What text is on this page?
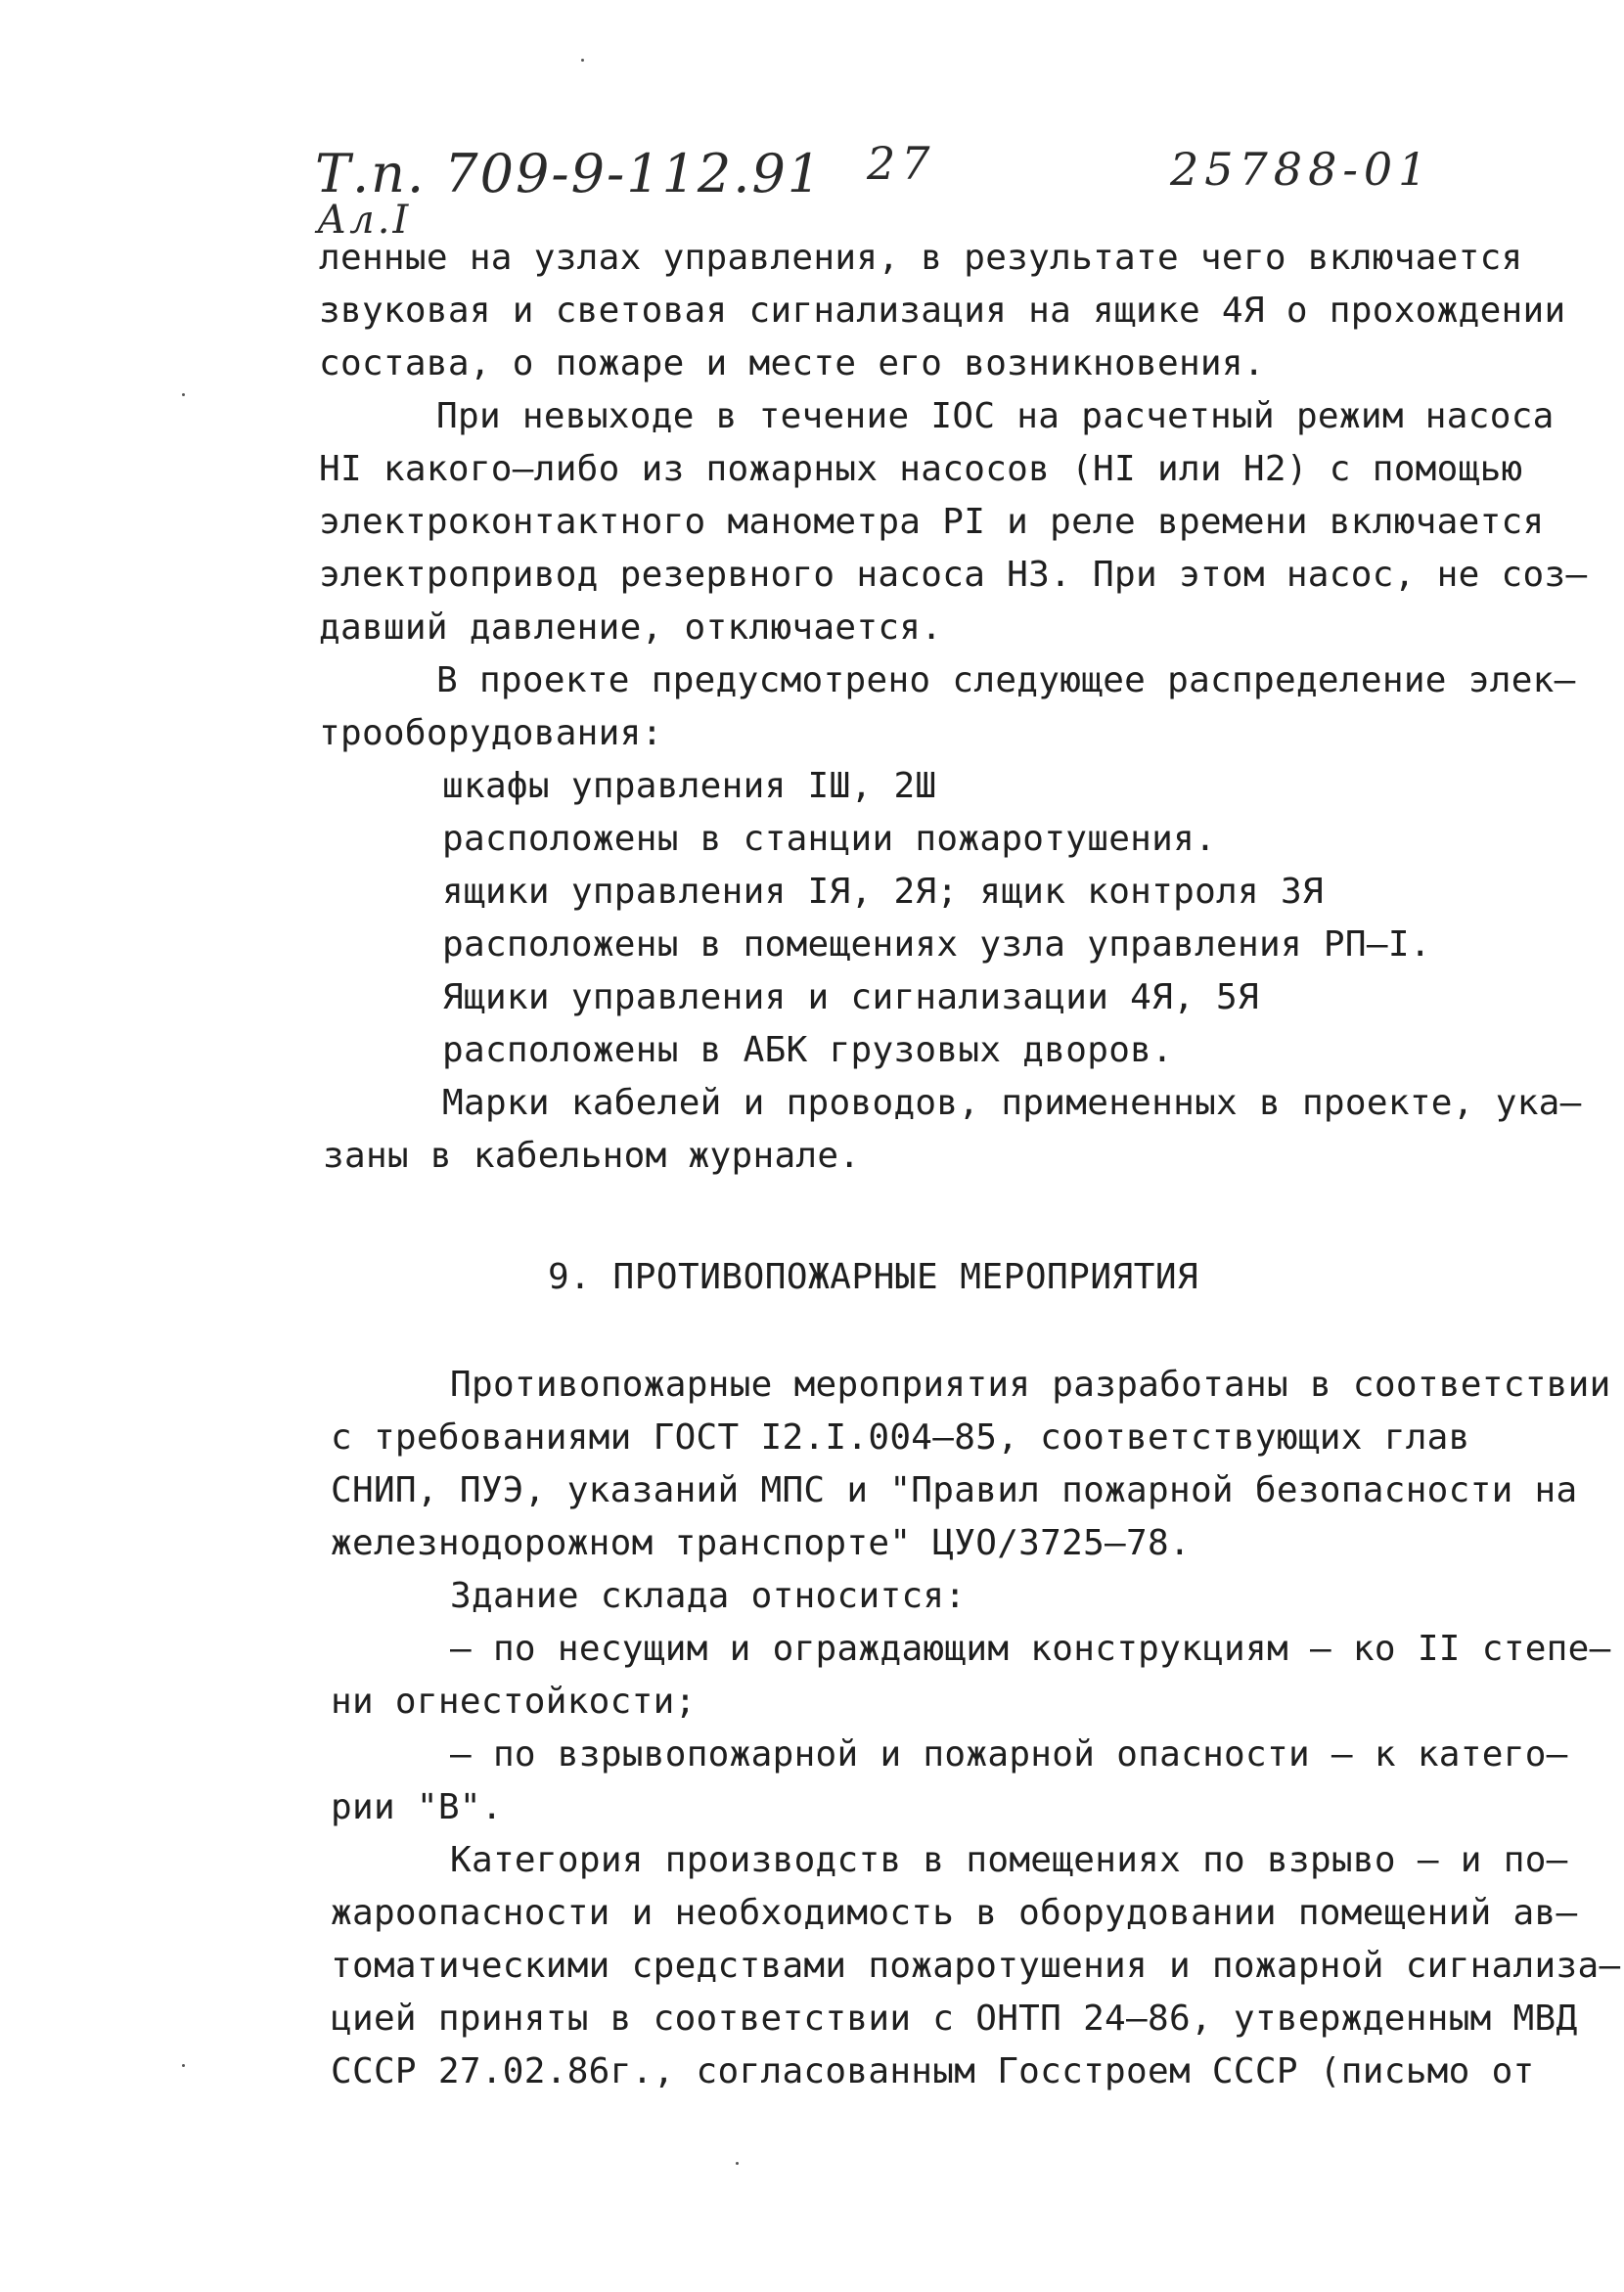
Т.п. 709-9-112.91 27	25788-01
Ал.I
ленные на узлах управления, в результате чего включается
звуковая и световая сигнализация на ящике 4Я о прохождении
состава, о пожаре и месте его возникновения.
При невыходе в течение IOC на расчетный режим насоса
HI какого–либо из пожарных насосов (HI или H2) с помощью
электроконтактного манометра PI и реле времени включается
электропривод резервного насоса H3. При этом насос, не соз–
давший давление, отключается.
В проекте предусмотрено следующее распределение элек–
трооборудования:
шкафы управления IШ, 2Ш
расположены в станции пожаротушения.
ящики управления IЯ, 2Я; ящик контроля 3Я
расположены в помещениях узла управления РП–I.
Ящики управления и сигнализации 4Я, 5Я
расположены в АБК грузовых дворов.
Марки кабелей и проводов, примененных в проекте, ука–
заны в кабельном журнале.
9. ПРОТИВОПОЖАРНЫЕ МЕРОПРИЯТИЯ
Противопожарные мероприятия разработаны в соответствии
с требованиями ГОСТ I2.I.004–85, соответствующих глав
СНИП, ПУЭ, указаний МПС и "Правил пожарной безопасности на
железнодорожном транспорте" ЦУО/3725–78.
Здание склада относится:
– по несущим и ограждающим конструкциям – ко II степе–
ни огнестойкости;
– по взрывопожарной и пожарной опасности – к катего–
рии "В".
Категория производств в помещениях по взрыво – и по–
жароопасности и необходимость в оборудовании помещений ав–
томатическими средствами пожаротушения и пожарной сигнализа–
цией приняты в соответствии с ОНТП 24–86, утвержденным МВД
СССР 27.02.86г., согласованным Госстроем СССР (письмо от
